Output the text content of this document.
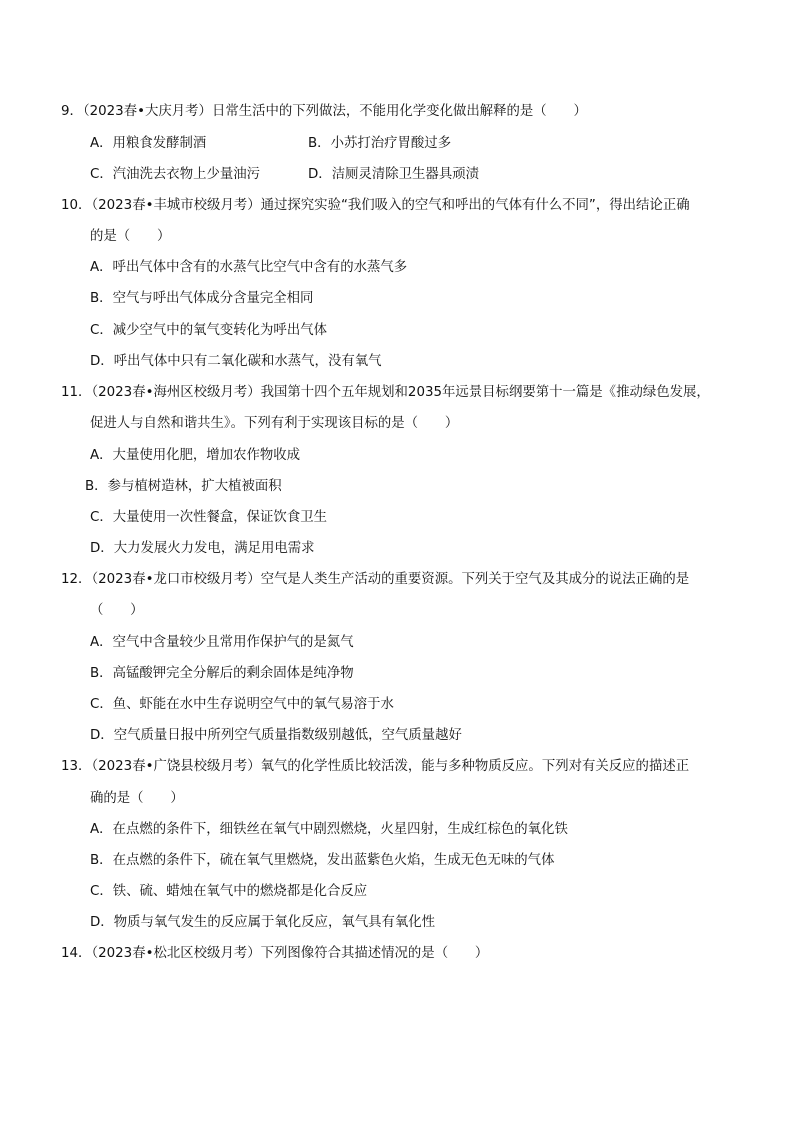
9．（2023春•大庆月考）日常生活中的下列做法，不能用化学变化做出解释的是（　　）
A．用粮食发酵制酒	B．小苏打治疗胃酸过多
C．汽油洗去衣物上少量油污	D．洁厕灵清除卫生器具顽渍
10．（2023春•丰城市校级月考）通过探究实验“我们吸入的空气和呼出的气体有什么不同”，得出结论正确
的是（　　）
A．呼出气体中含有的水蒸气比空气中含有的水蒸气多
B．空气与呼出气体成分含量完全相同
C．减少空气中的氧气变转化为呼出气体
D．呼出气体中只有二氧化碳和水蒸气，没有氧气
11．（2023春•海州区校级月考）我国第十四个五年规划和2035年远景目标纲要第十一篇是《推动绿色发展，
促进人与自然和谐共生》。下列有利于实现该目标的是（　　）
A．大量使用化肥，增加农作物收成
B．参与植树造林，扩大植被面积
C．大量使用一次性餐盒，保证饮食卫生
D．大力发展火力发电，满足用电需求
12．（2023春•龙口市校级月考）空气是人类生产活动的重要资源。下列关于空气及其成分的说法正确的是
（　　）
A．空气中含量较少且常用作保护气的是氮气
B．高锰酸钾完全分解后的剩余固体是纯净物
C．鱼、虾能在水中生存说明空气中的氧气易溶于水
D．空气质量日报中所列空气质量指数级别越低，空气质量越好
13．（2023春•广饶县校级月考）氧气的化学性质比较活泼，能与多种物质反应。下列对有关反应的描述正
确的是（　　）
A．在点燃的条件下，细铁丝在氧气中剧烈燃烧，火星四射，生成红棕色的氧化铁
B．在点燃的条件下，硫在氧气里燃烧，发出蓝紫色火焰，生成无色无味的气体
C．铁、硫、蜡烛在氧气中的燃烧都是化合反应
D．物质与氧气发生的反应属于氧化反应，氧气具有氧化性
14．（2023春•松北区校级月考）下列图像符合其描述情况的是（　　）
